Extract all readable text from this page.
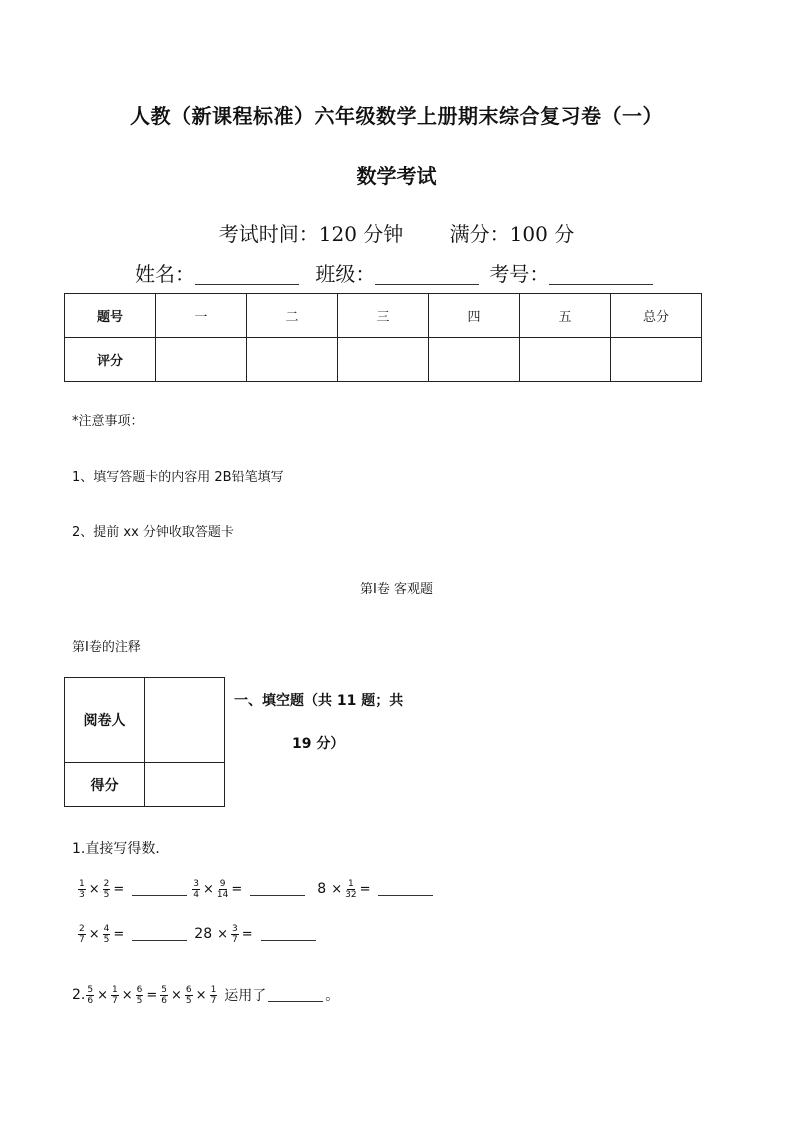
人教（新课程标准）六年级数学上册期末综合复习卷（一）
数学考试
考试时间：120 分钟 满分：100 分
姓名：	班级：	考号：
题号	一	二	三	四	五	总分
评分						
*注意事项：
1、填写答题卡的内容用 2B铅笔填写
2、提前 xx 分钟收取答题卡
第Ⅰ卷 客观题
第Ⅰ卷的注释
阅卷人	
得分	
一、填空题（共 11 题；共
19 分）
1.直接写得数．
$\frac{1}{3} \times \frac{2}{5}$ =	$\frac{3}{4} \times \frac{9}{14}$ =	$8 \times \frac{1}{32}$ =
$\frac{2}{7} \times \frac{4}{5}$ =	$28 \times \frac{3}{7}$ =
2. $\frac{5}{6} \times \frac{1}{7} \times \frac{6}{5} = \frac{5}{6} \times \frac{6}{5} \times \frac{1}{7}$ 运用了	。
